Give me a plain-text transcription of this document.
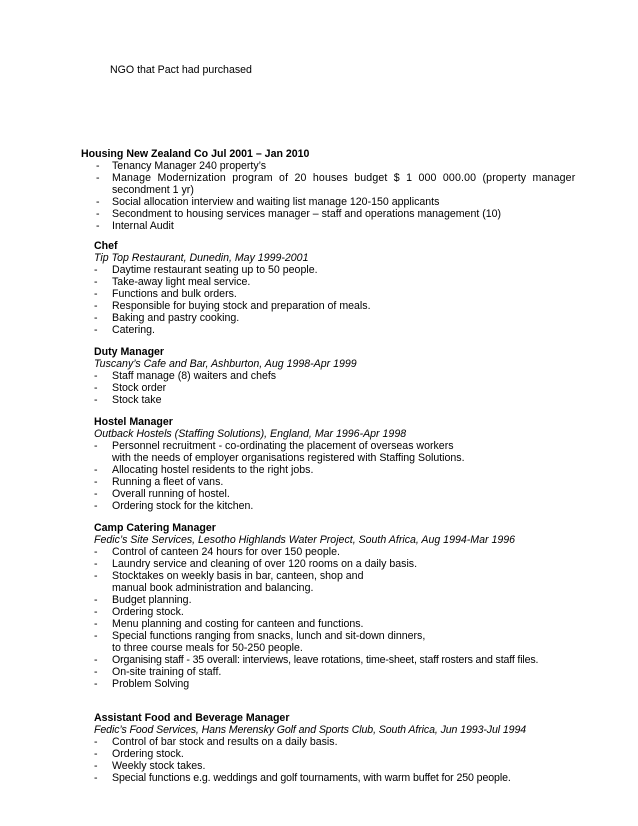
NGO that Pact had purchased
Housing New Zealand Co Jul 2001 – Jan 2010
- Tenancy Manager 240 property’s
- Manage Modernization program of 20 houses budget $ 1 000 000.00 (property manager
secondment 1 yr)
- Social allocation interview and waiting list manage 120-150 applicants
- Secondment to housing services manager – staff and operations management (10)
- Internal Audit
Chef
Tip Top Restaurant, Dunedin, May 1999-2001
- Daytime restaurant seating up to 50 people.
- Take-away light meal service.
- Functions and bulk orders.
- Responsible for buying stock and preparation of meals.
- Baking and pastry cooking.
- Catering.
Duty Manager
Tuscany’s Cafe and Bar, Ashburton, Aug 1998-Apr 1999
- Staff manage (8) waiters and chefs
- Stock order
- Stock take
Hostel Manager
Outback Hostels (Staffing Solutions), England, Mar 1996-Apr 1998
- Personnel recruitment - co-ordinating the placement of overseas workers
with the needs of employer organisations registered with Staffing Solutions.
- Allocating hostel residents to the right jobs.
- Running a fleet of vans.
- Overall running of hostel.
- Ordering stock for the kitchen.
Camp Catering Manager
Fedic’s Site Services, Lesotho Highlands Water Project, South Africa, Aug 1994-Mar 1996
- Control of canteen 24 hours for over 150 people.
- Laundry service and cleaning of over 120 rooms on a daily basis.
- Stocktakes on weekly basis in bar, canteen, shop and
manual book administration and balancing.
- Budget planning.
- Ordering stock.
- Menu planning and costing for canteen and functions.
- Special functions ranging from snacks, lunch and sit-down dinners,
to three course meals for 50-250 people.
- Organising staff - 35 overall: interviews, leave rotations, time-sheet, staff rosters and staff files.
- On-site training of staff.
- Problem Solving
Assistant Food and Beverage Manager
Fedic’s Food Services, Hans Merensky Golf and Sports Club, South Africa, Jun 1993-Jul 1994
- Control of bar stock and results on a daily basis.
- Ordering stock.
- Weekly stock takes.
- Special functions e.g. weddings and golf tournaments, with warm buffet for 250 people.
